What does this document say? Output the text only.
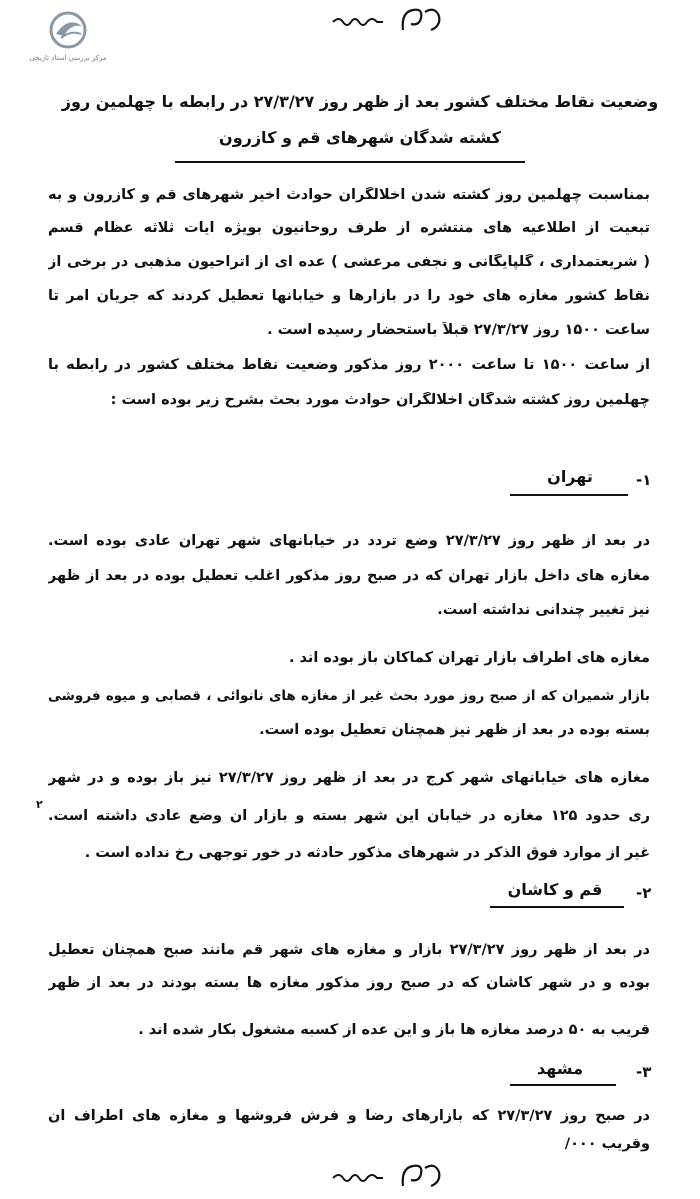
مرکز بررسی اسناد تاریخی
وضعیت نقاط مختلف کشور بعد از ظهر روز ۲۷/۳/۲۷ در رابطه با چهلمین روز
کشته شدگان شهرهای قم و کازرون
بمناسبت چهلمین روز کشته شدن اخلالگران حوادث اخیر شهرهای قم و کازرون و به
تبعیت از اطلاعیه های منتشره از طرف روحانیون بویژه آیات ثلاثه عظام قسم
( شریعتمداری ، گلپایگانی و نجفی مرعشی ) عده ای از اتراحیون مذهبی در برخی از
نقاط کشور مغازه های خود را در بازارها و خیابانها تعطیل کردند که جریان امر تا
ساعت ۱۵۰۰ روز ۲۷/۳/۲۷ قبلاً باستحضار رسیده است .
از ساعت ۱۵۰۰ تا ساعت ۲۰۰۰ روز مذکور وضعیت نقاط مختلف کشور در رابطه با
چهلمین روز کشته شدگان اخلالگران حوادث مورد بحث بشرح زیر بوده است :
۱-
تهران
در بعد از ظهر روز ۲۷/۳/۲۷ وضع تردد در خیابانهای شهر تهران عادی بوده است.
مغازه های داخل بازار تهران که در صبح روز مذکور اغلب تعطیل بوده در بعد از ظهر
نیز تغییر چندانی نداشته است.
مغازه های اطراف بازار تهران کماکان باز بوده اند .
بازار شمیران که از صبح روز مورد بحث غیر از مغازه های نانوائی ، قصابی و میوه فروشی
بسته بوده در بعد از ظهر نیز همچنان تعطیل بوده است.
مغازه های خیابانهای شهر کرج در بعد از ظهر روز ۲۷/۳/۲۷ نیز باز بوده و در شهر
ری حدود ۱۲۵ مغازه در خیابان این شهر بسته و بازار آن وضع عادی داشته است.
غیر از موارد فوق الذکر در شهرهای مذکور حادثه در خور توجهی رخ نداده است .
۲
۲-
قم و کاشان
در بعد از ظهر روز ۲۷/۳/۲۷ بازار و مغازه های شهر قم مانند صبح همچنان تعطیل
بوده و در شهر کاشان که در صبح روز مذکور مغازه ها بسته بودند در بعد از ظهر
قریب به ۵۰ درصد مغازه ها باز و این عده از کسبه مشغول بکار شده اند .
۳-
مشهد
در صبح روز ۲۷/۳/۲۷ که بازارهای رضا و فرش فروشها و مغازه های اطراف آن
وقریب ۰۰۰/
